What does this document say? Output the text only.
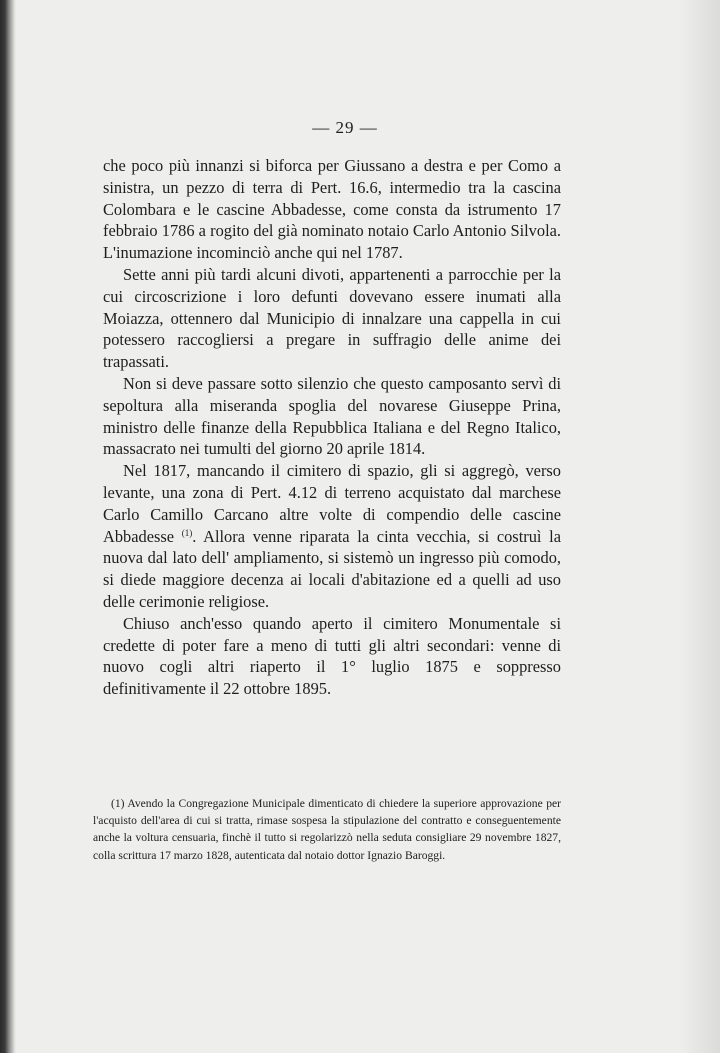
— 29 —

che poco più innanzi si biforca per Giussano a destra e per Como a sinistra, un pezzo di terra di Pert. 16.6, intermedio tra la cascina Colombara e le cascine Abbadesse, come consta da istrumento 17 febbraio 1786 a rogito del già nominato notaio Carlo Antonio Silvola. L'inumazione incominciò anche qui nel 1787.

Sette anni più tardi alcuni divoti, appartenenti a parrocchie per la cui circoscrizione i loro defunti dovevano essere inumati alla Moiazza, ottennero dal Municipio di innalzare una cappella in cui potessero raccogliersi a pregare in suffragio delle anime dei trapassati.

Non si deve passare sotto silenzio che questo camposanto servì di sepoltura alla miseranda spoglia del novarese Giuseppe Prina, ministro delle finanze della Repubblica Italiana e del Regno Italico, massacrato nei tumulti del giorno 20 aprile 1814.

Nel 1817, mancando il cimitero di spazio, gli si aggregò, verso levante, una zona di Pert. 4.12 di terreno acquistato dal marchese Carlo Camillo Carcano altre volte di compendio delle cascine Abbadesse $^{(1)}$. Allora venne riparata la cinta vecchia, si costruì la nuova dal lato dell' ampliamento, si sistemò un ingresso più comodo, si diede maggiore decenza ai locali d'abitazione ed a quelli ad uso delle cerimonie religiose.

Chiuso anch'esso quando aperto il cimitero Monumentale si credette di poter fare a meno di tutti gli altri secondari: venne di nuovo cogli altri riaperto il 1° luglio 1875 e soppresso definitivamente il 22 ottobre 1895.

(1) Avendo la Congregazione Municipale dimenticato di chiedere la superiore approvazione per l'acquisto dell'area di cui si tratta, rimase sospesa la stipulazione del contratto e conseguentemente anche la voltura censuaria, finchè il tutto si regolarizzò nella seduta consigliare 29 novembre 1827, colla scrittura 17 marzo 1828, autenticata dal notaio dottor Ignazio Baroggi.
